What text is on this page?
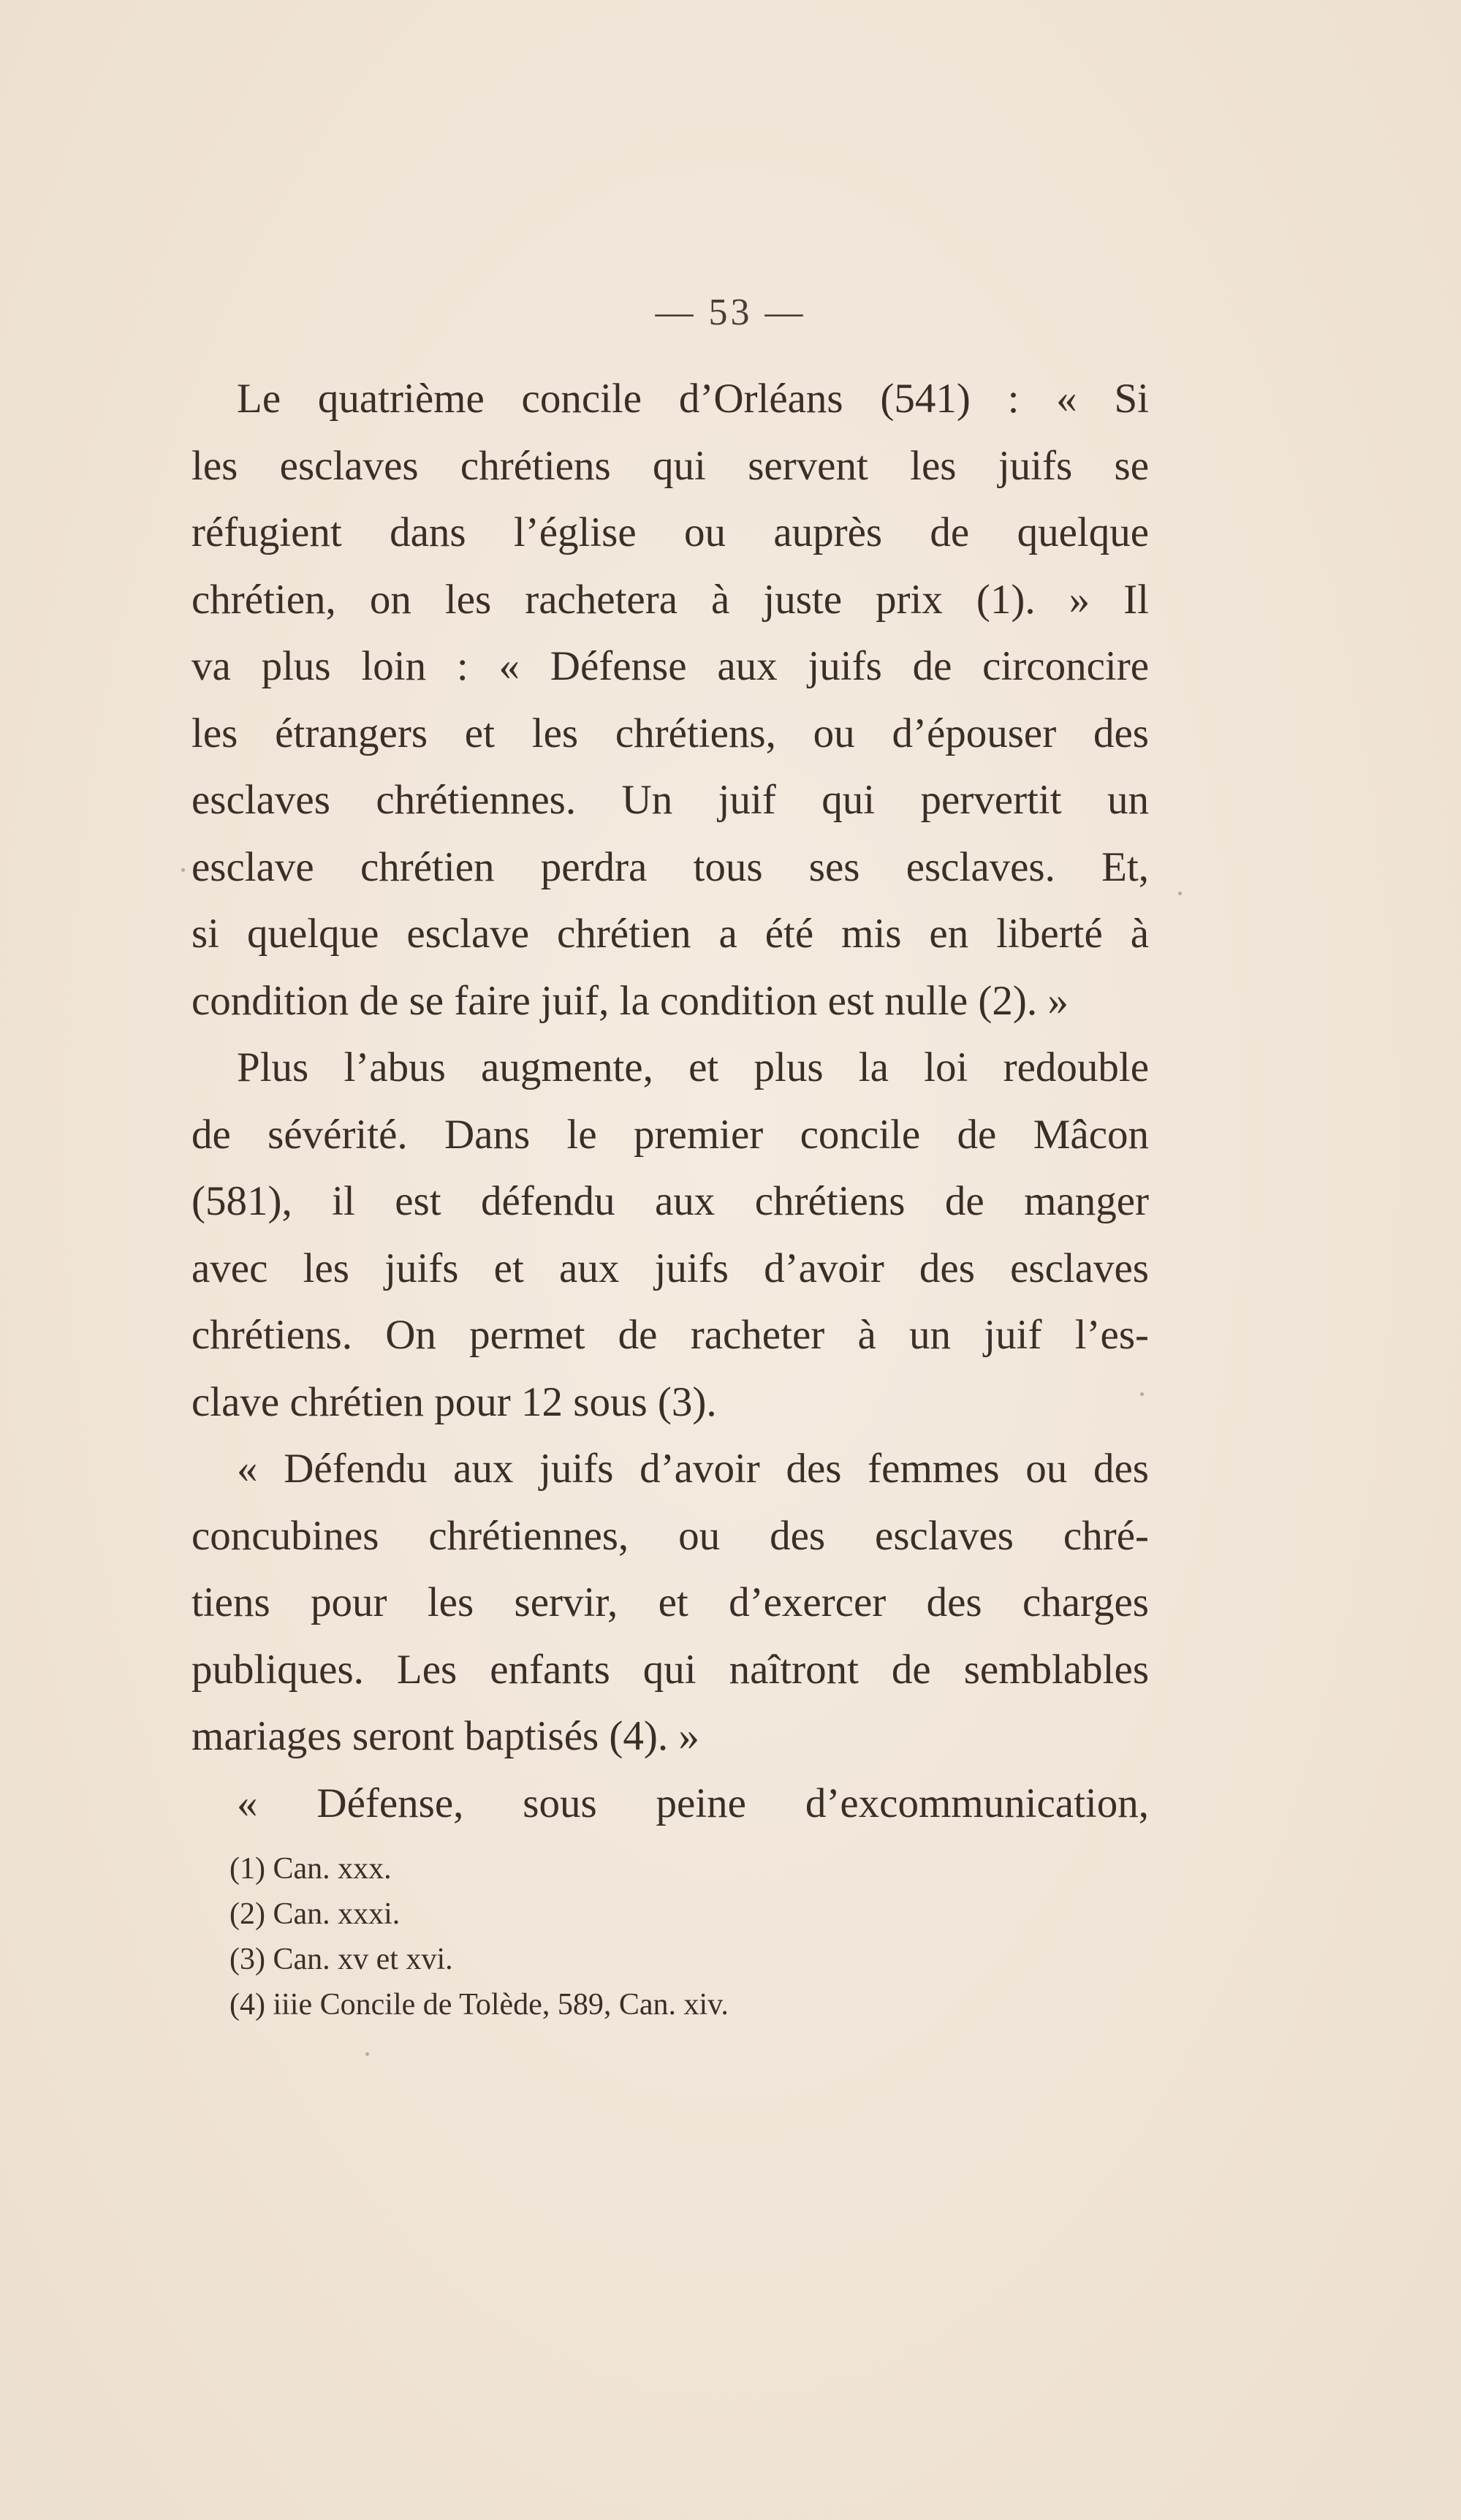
— 53 —
Le quatrième concile d’Orléans (541) : « Si
les esclaves chrétiens qui servent les juifs se
réfugient dans l’église ou auprès de quelque
chrétien, on les rachetera à juste prix (1). » Il
va plus loin : « Défense aux juifs de circoncire
les étrangers et les chrétiens, ou d’épouser des
esclaves chrétiennes. Un juif qui pervertit un
esclave chrétien perdra tous ses esclaves. Et,
si quelque esclave chrétien a été mis en liberté à
condition de se faire juif, la condition est nulle (2). »
Plus l’abus augmente, et plus la loi redouble
de sévérité. Dans le premier concile de Mâcon
(581), il est défendu aux chrétiens de manger
avec les juifs et aux juifs d’avoir des esclaves
chrétiens. On permet de racheter à un juif l’es-
clave chrétien pour 12 sous (3).
« Défendu aux juifs d’avoir des femmes ou des
concubines chrétiennes, ou des esclaves chré-
tiens pour les servir, et d’exercer des charges
publiques. Les enfants qui naîtront de semblables
mariages seront baptisés (4). »
« Défense, sous peine d’excommunication,
(1) Can. xxx.
(2) Can. xxxi.
(3) Can. xv et xvi.
(4) iiie Concile de Tolède, 589, Can. xiv.
